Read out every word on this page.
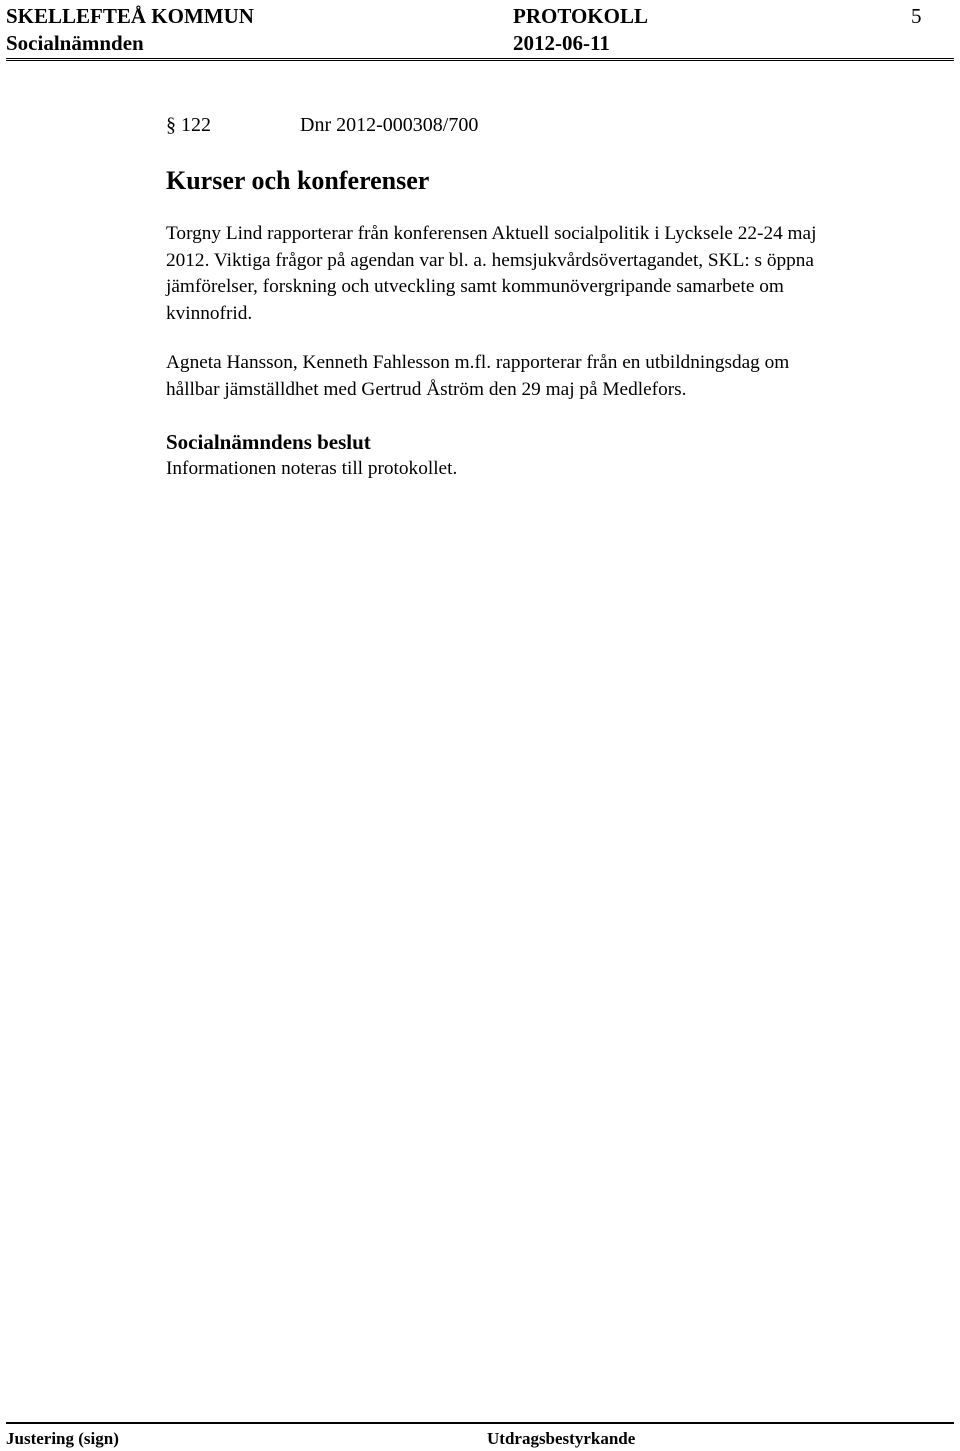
SKELLEFTEÅ KOMMUN
Socialnämnden
PROTOKOLL
2012-06-11
5
§ 122	Dnr 2012-000308/700
Kurser och konferenser

Torgny Lind rapporterar från konferensen Aktuell socialpolitik i Lycksele 22-24 maj
2012. Viktiga frågor på agendan var bl. a. hemsjukvårdsövertagandet, SKL: s öppna
jämförelser, forskning och utveckling samt kommunövergripande samarbete om
kvinnofrid.

Agneta Hansson, Kenneth Fahlesson m.fl. rapporterar från en utbildningsdag om
hållbar jämställdhet med Gertrud Åström den 29 maj på Medlefors.

Socialnämndens beslut

Informationen noteras till protokollet.

Justering (sign)	Utdragsbestyrkande
